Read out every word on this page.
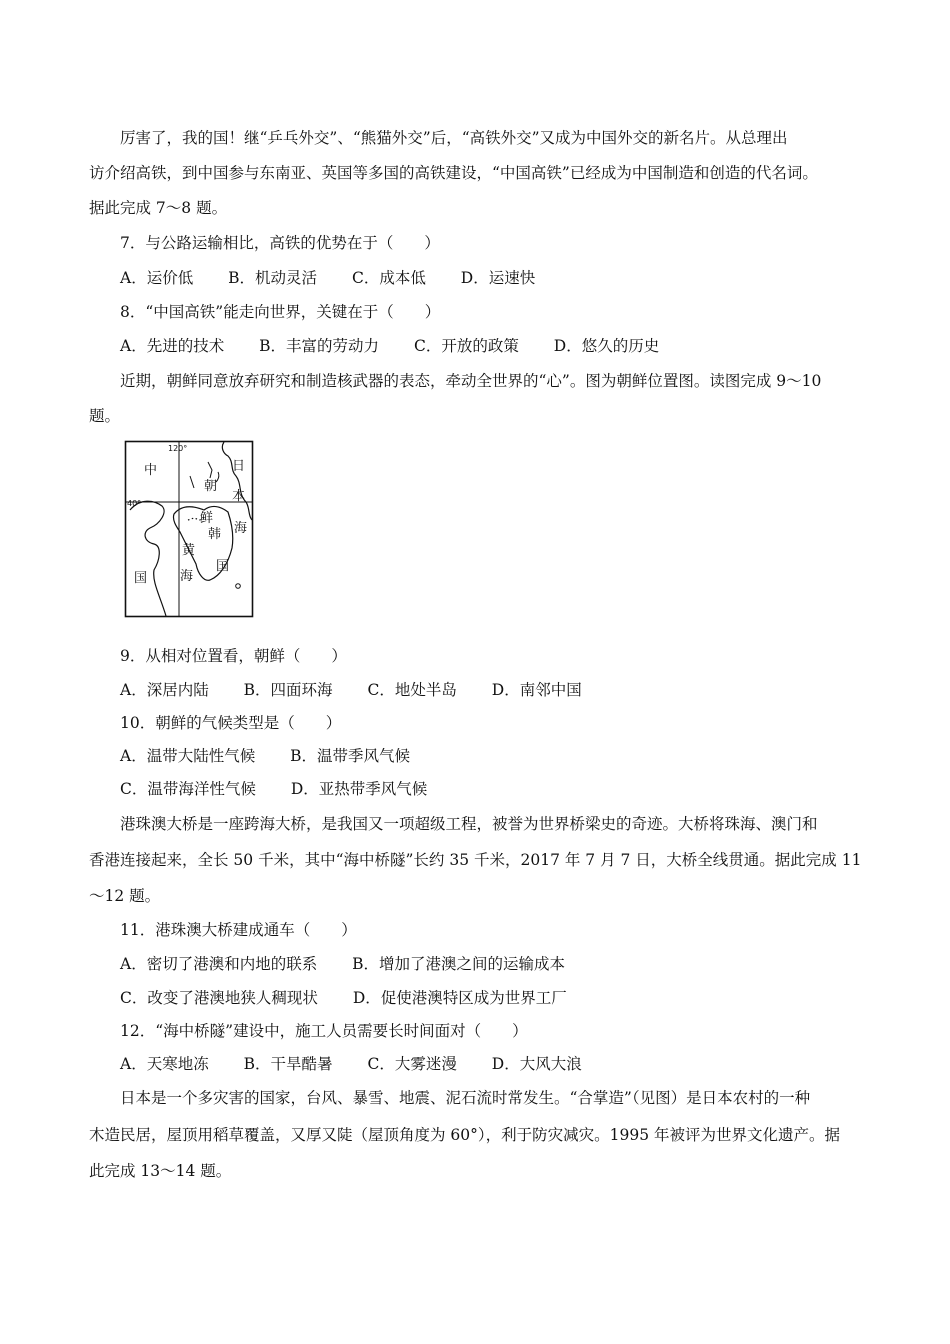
厉害了，我的国！继“乒乓外交”、“熊猫外交”后，“高铁外交”又成为中国外交的新名片。从总理出
访介绍高铁，到中国参与东南亚、英国等多国的高铁建设，“中国高铁”已经成为中国制造和创造的代名词。
据此完成 7～8 题。
7．与公路运输相比，高铁的优势在于（　　）
A．运价低 B．机动灵活 C．成本低 D．运速快
8．“中国高铁”能走向世界，关键在于（　　）
A．先进的技术 B．丰富的劳动力 C．开放的政策 D．悠久的历史
近期，朝鲜同意放弃研究和制造核武器的表态，牵动全世界的“心”。图为朝鲜位置图。读图完成 9～10
题。
120°
40°
中
国
朝
鲜
韩
国
日
本
海
黄
海
9．从相对位置看，朝鲜（　　）
A．深居内陆 B．四面环海 C．地处半岛 D．南邻中国
10．朝鲜的气候类型是（　　）
A．温带大陆性气候 B．温带季风气候
C．温带海洋性气候 D．亚热带季风气候
港珠澳大桥是一座跨海大桥，是我国又一项超级工程，被誉为世界桥梁史的奇迹。大桥将珠海、澳门和
香港连接起来，全长 50 千米，其中“海中桥隧”长约 35 千米，2017 年 7 月 7 日，大桥全线贯通。据此完成 11
～12 题。
11．港珠澳大桥建成通车（　　）
A．密切了港澳和内地的联系 B．增加了港澳之间的运输成本
C．改变了港澳地狭人稠现状 D．促使港澳特区成为世界工厂
12．“海中桥隧”建设中，施工人员需要长时间面对（　　）
A．天寒地冻 B．干旱酷暑 C．大雾迷漫 D．大风大浪
日本是一个多灾害的国家，台风、暴雪、地震、泥石流时常发生。“合掌造”（见图）是日本农村的一种
木造民居，屋顶用稻草覆盖，又厚又陡（屋顶角度为 60°），利于防灾减灾。1995 年被评为世界文化遗产。据
此完成 13～14 题。
